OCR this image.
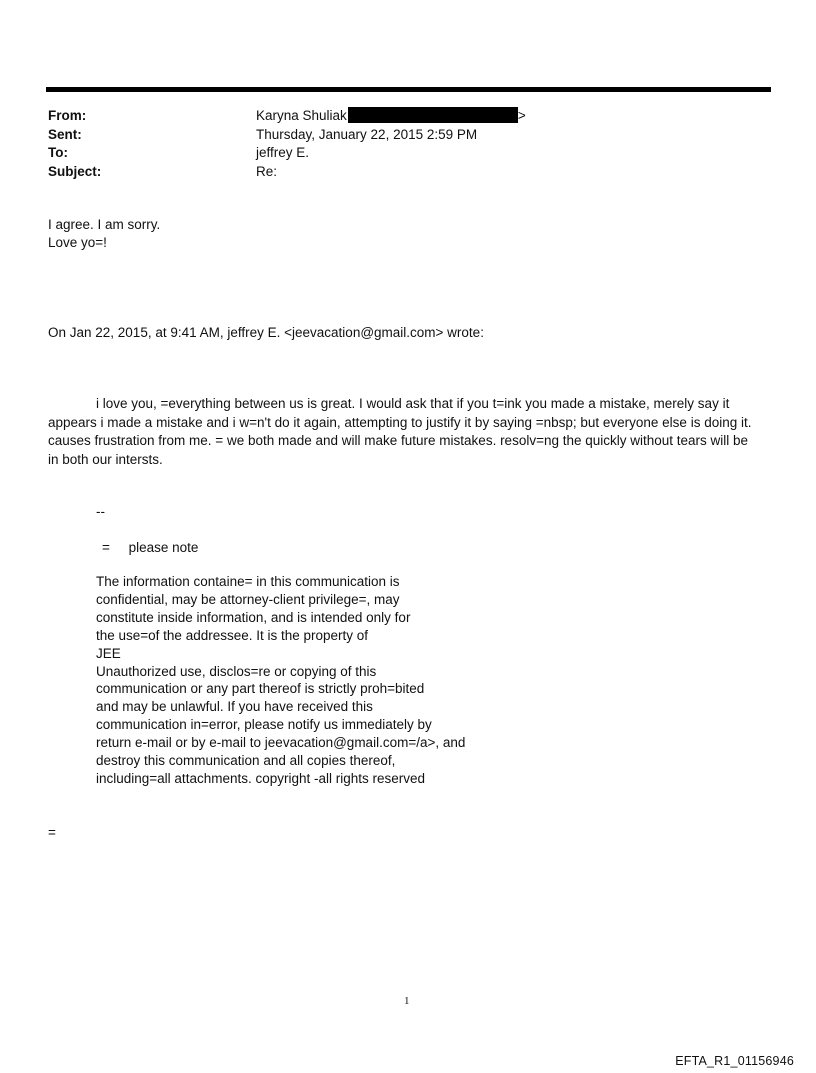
From:	Karyna Shuliak	>
Sent:	Thursday, January 22, 2015 2:59 PM
To:	jeffrey E.
Subject:	Re:
I agree. I am sorry.
Love yo=!
On Jan 22, 2015, at 9:41 AM, jeffrey E. <jeevacation@gmail.com> wrote:

i love you, =everything between us is great. I would ask that if you t=ink you made a mistake, merely say it

appears i made a mistake and i w=n't do it again, attempting to justify it by saying =nbsp; but everyone else is doing it.

causes frustration from me. = we both made and will make future mistakes. resolv=ng the quickly without tears will be

in both our intersts.

--
=     please note
The information containe= in this communication is
confidential, may be attorney-client privilege=, may
constitute inside information, and is intended only for
the use=of the addressee. It is the property of
JEE
Unauthorized use, disclos=re or copying of this
communication or any part thereof is strictly proh=bited
and may be unlawful. If you have received this
communication in=error, please notify us immediately by
return e-mail or by e-mail to jeevacation@gmail.com=/a>, and
destroy this communication and all copies thereof,
including=all attachments. copyright -all rights reserved
=
1
EFTA_R1_01156946
